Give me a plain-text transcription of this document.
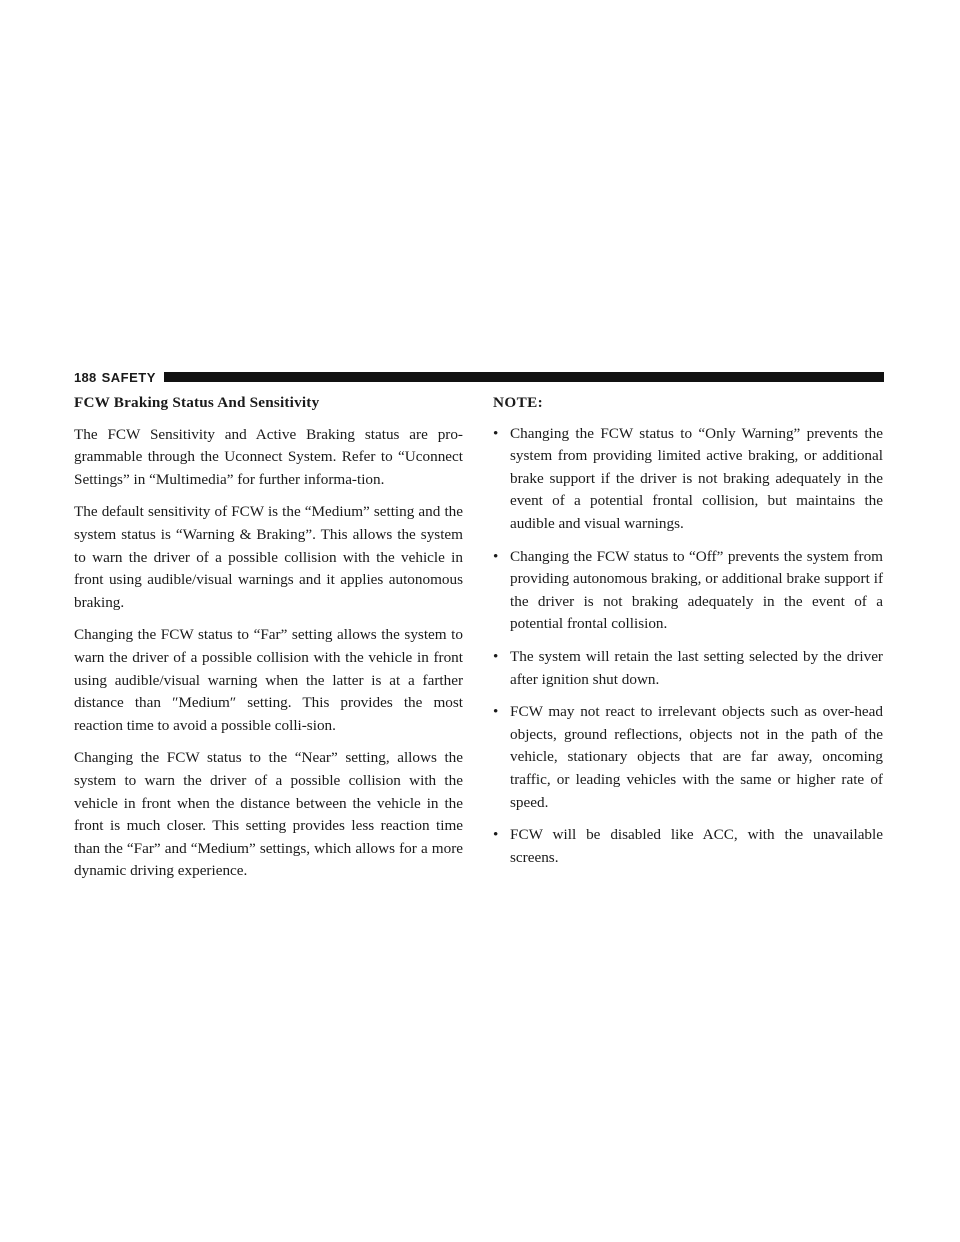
188 SAFETY
FCW Braking Status And Sensitivity

The FCW Sensitivity and Active Braking status are pro-grammable through the Uconnect System. Refer to “Uconnect Settings” in “Multimedia” for further informa-tion.

The default sensitivity of FCW is the “Medium” setting and the system status is “Warning & Braking”. This allows the system to warn the driver of a possible collision with the vehicle in front using audible/visual warnings and it applies autonomous braking.

Changing the FCW status to “Far” setting allows the system to warn the driver of a possible collision with the vehicle in front using audible/visual warning when the latter is at a farther distance than ″Medium″ setting. This provides the most reaction time to avoid a possible colli-sion.

Changing the FCW status to the “Near” setting, allows the system to warn the driver of a possible collision with the vehicle in front when the distance between the vehicle in the front is much closer. This setting provides less reaction time than the “Far” and “Medium” settings, which allows for a more dynamic driving experience.

NOTE:
• Changing the FCW status to “Only Warning” prevents the system from providing limited active braking, or additional brake support if the driver is not braking adequately in the event of a potential frontal collision, but maintains the audible and visual warnings.
• Changing the FCW status to “Off” prevents the system from providing autonomous braking, or additional brake support if the driver is not braking adequately in the event of a potential frontal collision.
• The system will retain the last setting selected by the driver after ignition shut down.
• FCW may not react to irrelevant objects such as over-head objects, ground reflections, objects not in the path of the vehicle, stationary objects that are far away, oncoming traffic, or leading vehicles with the same or higher rate of speed.
• FCW will be disabled like ACC, with the unavailable screens.
